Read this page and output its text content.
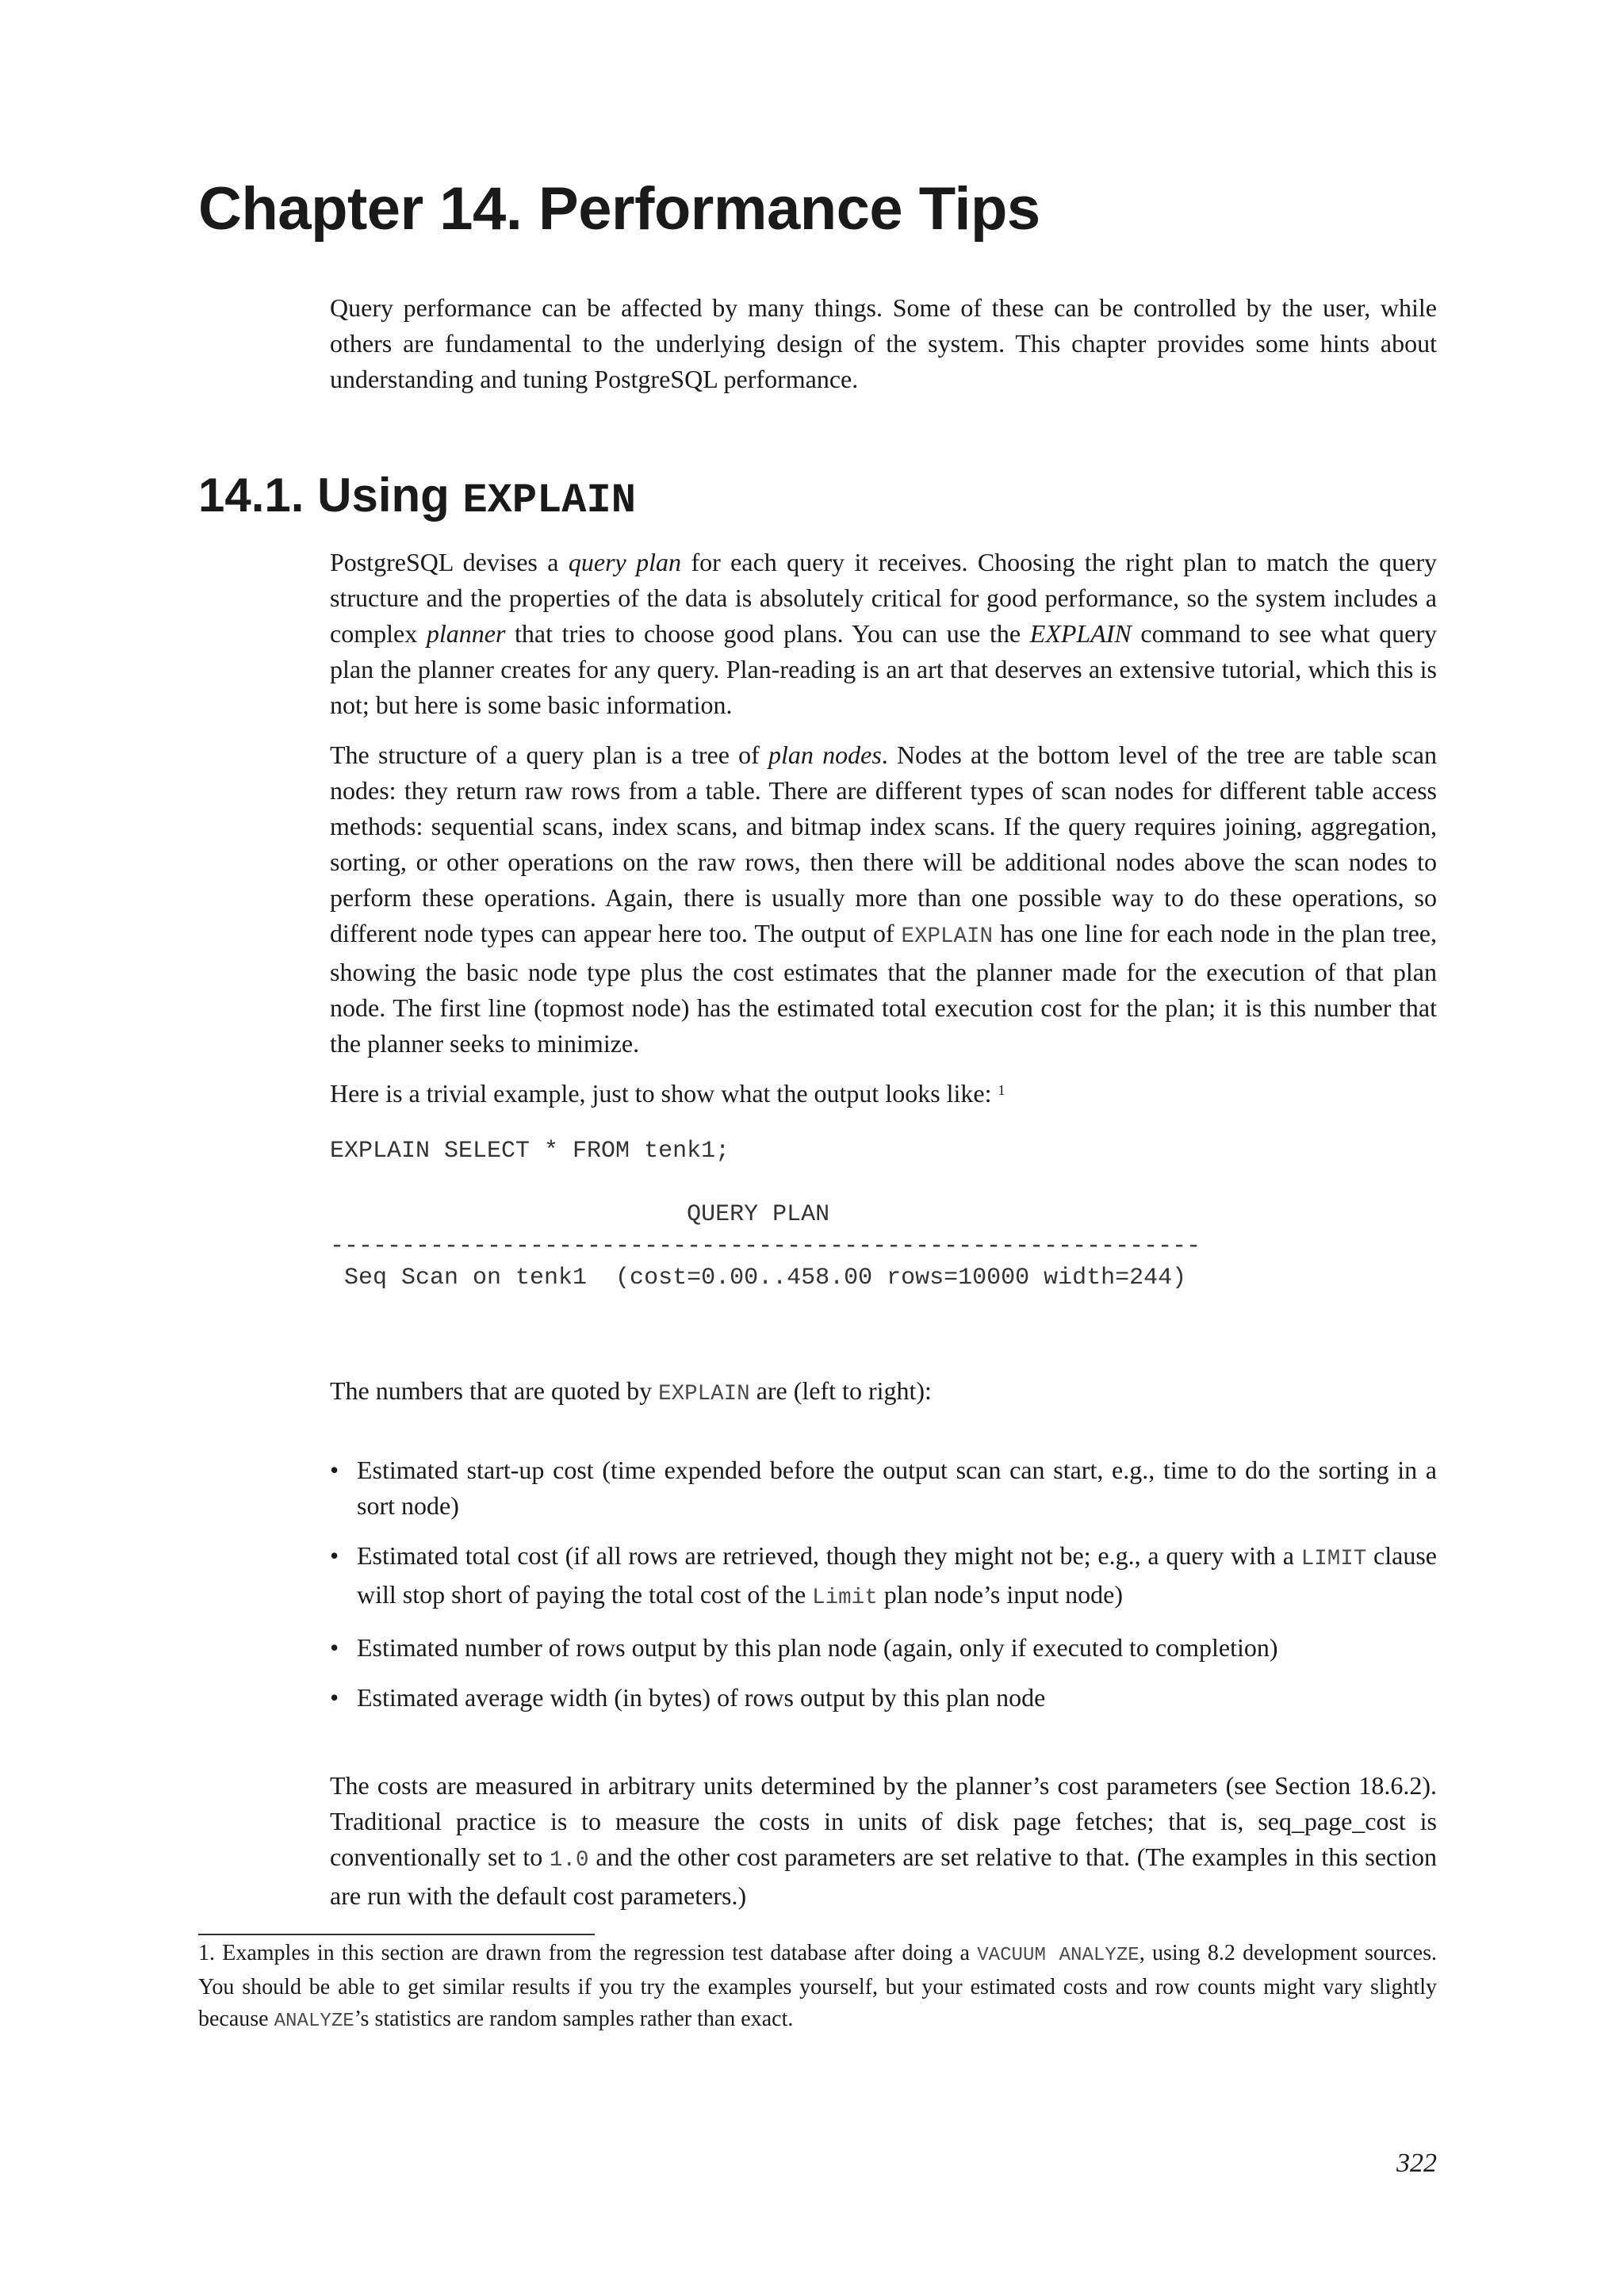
Chapter 14. Performance Tips

Query performance can be affected by many things. Some of these can be controlled by the user, while others are fundamental to the underlying design of the system. This chapter provides some hints about understanding and tuning PostgreSQL performance.

14.1. Using EXPLAIN

PostgreSQL devises a query plan for each query it receives. Choosing the right plan to match the query structure and the properties of the data is absolutely critical for good performance, so the system includes a complex planner that tries to choose good plans. You can use the EXPLAIN command to see what query plan the planner creates for any query. Plan-reading is an art that deserves an extensive tutorial, which this is not; but here is some basic information.

The structure of a query plan is a tree of plan nodes. Nodes at the bottom level of the tree are table scan nodes: they return raw rows from a table. There are different types of scan nodes for different table access methods: sequential scans, index scans, and bitmap index scans. If the query requires joining, aggregation, sorting, or other operations on the raw rows, then there will be additional nodes above the scan nodes to perform these operations. Again, there is usually more than one possible way to do these operations, so different node types can appear here too. The output of EXPLAIN has one line for each node in the plan tree, showing the basic node type plus the cost estimates that the planner made for the execution of that plan node. The first line (topmost node) has the estimated total execution cost for the plan; it is this number that the planner seeks to minimize.

Here is a trivial example, just to show what the output looks like: $^1$

EXPLAIN SELECT * FROM tenk1;

QUERY PLAN
-------------------------------------------------------------
Seq Scan on tenk1  (cost=0.00..458.00 rows=10000 width=244)

The numbers that are quoted by EXPLAIN are (left to right):

• Estimated start-up cost (time expended before the output scan can start, e.g., time to do the sorting in a sort node)
• Estimated total cost (if all rows are retrieved, though they might not be; e.g., a query with a LIMIT clause will stop short of paying the total cost of the Limit plan node’s input node)
• Estimated number of rows output by this plan node (again, only if executed to completion)
• Estimated average width (in bytes) of rows output by this plan node

The costs are measured in arbitrary units determined by the planner’s cost parameters (see Section 18.6.2). Traditional practice is to measure the costs in units of disk page fetches; that is, seq_page_cost is conventionally set to 1.0 and the other cost parameters are set relative to that. (The examples in this section are run with the default cost parameters.)

1. Examples in this section are drawn from the regression test database after doing a VACUUM ANALYZE, using 8.2 development sources. You should be able to get similar results if you try the examples yourself, but your estimated costs and row counts might vary slightly because ANALYZE’s statistics are random samples rather than exact.
322
